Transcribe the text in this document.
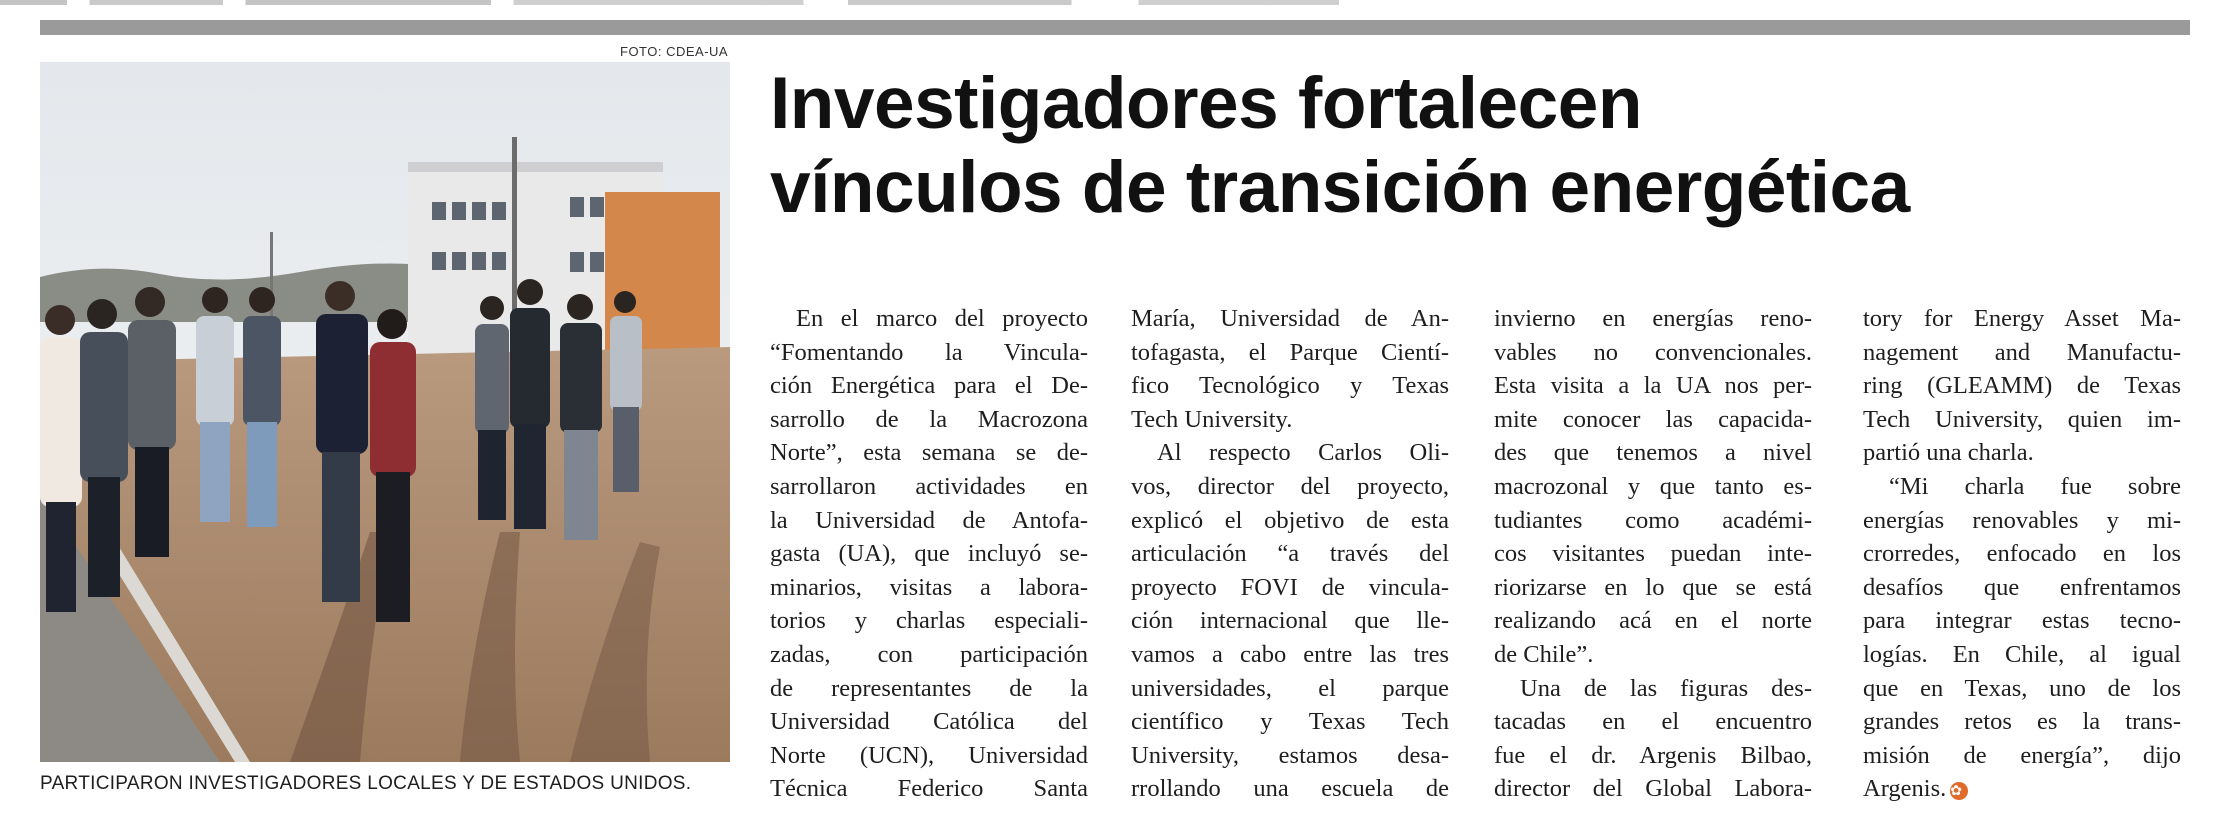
FOTO: CDEA-UA
PARTICIPARON INVESTIGADORES LOCALES Y DE ESTADOS UNIDOS.
Investigadores fortalecen
vínculos de transición energética
En el marco del proyecto
“Fomentando la Vincula-
ción Energética para el De-
sarrollo de la Macrozona
Norte”, esta semana se de-
sarrollaron actividades en
la Universidad de Antofa-
gasta (UA), que incluyó se-
minarios, visitas a labora-
torios y charlas especiali-
zadas, con participación
de representantes de la
Universidad Católica del
Norte (UCN), Universidad
Técnica Federico Santa
María, Universidad de An-
tofagasta, el Parque Cientí-
fico Tecnológico y Texas
Tech University.
Al respecto Carlos Oli-
vos, director del proyecto,
explicó el objetivo de esta
articulación “a través del
proyecto FOVI de vincula-
ción internacional que lle-
vamos a cabo entre las tres
universidades, el parque
científico y Texas Tech
University, estamos desa-
rrollando una escuela de
invierno en energías reno-
vables no convencionales.
Esta visita a la UA nos per-
mite conocer las capacida-
des que tenemos a nivel
macrozonal y que tanto es-
tudiantes como académi-
cos visitantes puedan inte-
riorizarse en lo que se está
realizando acá en el norte
de Chile”.
Una de las figuras des-
tacadas en el encuentro
fue el dr. Argenis Bilbao,
director del Global Labora-
tory for Energy Asset Ma-
nagement and Manufactu-
ring (GLEAMM) de Texas
Tech University, quien im-
partió una charla.
“Mi charla fue sobre
energías renovables y mi-
crorredes, enfocado en los
desafíos que enfrentamos
para integrar estas tecno-
logías. En Chile, al igual
que en Texas, uno de los
grandes retos es la trans-
misión de energía”, dijo
Argenis. ✿
